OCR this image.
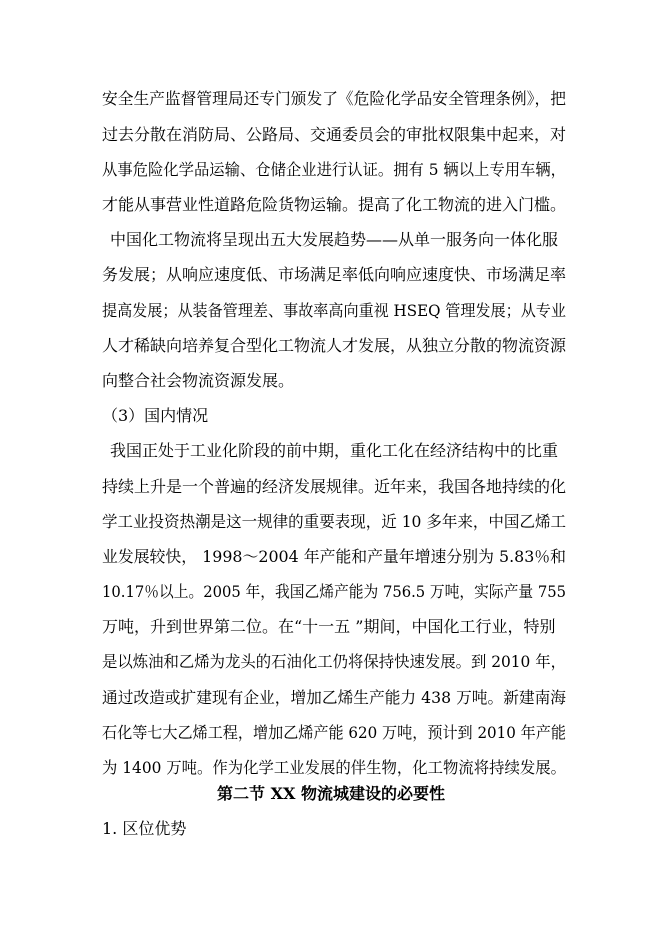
安全生产监督管理局还专门颁发了《危险化学品安全管理条例》，把
过去分散在消防局、公路局、交通委员会的审批权限集中起来，对
从事危险化学品运输、仓储企业进行认证。拥有 5 辆以上专用车辆，
才能从事营业性道路危险货物运输。提高了化工物流的进入门槛。
中国化工物流将呈现出五大发展趋势——从单一服务向一体化服
务发展；从响应速度低、市场满足率低向响应速度快、市场满足率
提高发展；从装备管理差、事故率高向重视 HSEQ 管理发展；从专业
人才稀缺向培养复合型化工物流人才发展，从独立分散的物流资源
向整合社会物流资源发展。
（3）国内情况
我国正处于工业化阶段的前中期，重化工化在经济结构中的比重
持续上升是一个普遍的经济发展规律。近年来，我国各地持续的化
学工业投资热潮是这一规律的重要表现，近 10 多年来，中国乙烯工
业发展较快， 1998～2004 年产能和产量年增速分别为 5.83％和
10.17％以上。2005 年，我国乙烯产能为 756.5 万吨，实际产量 755
万吨，升到世界第二位。在“十一五 ”期间，中国化工行业，特别
是以炼油和乙烯为龙头的石油化工仍将保持快速发展。到 2010 年，
通过改造或扩建现有企业，增加乙烯生产能力 438 万吨。新建南海
石化等七大乙烯工程，增加乙烯产能 620 万吨，预计到 2010 年产能
为 1400 万吨。作为化学工业发展的伴生物，化工物流将持续发展。
第二节 XX 物流城建设的必要性
1. 区位优势
